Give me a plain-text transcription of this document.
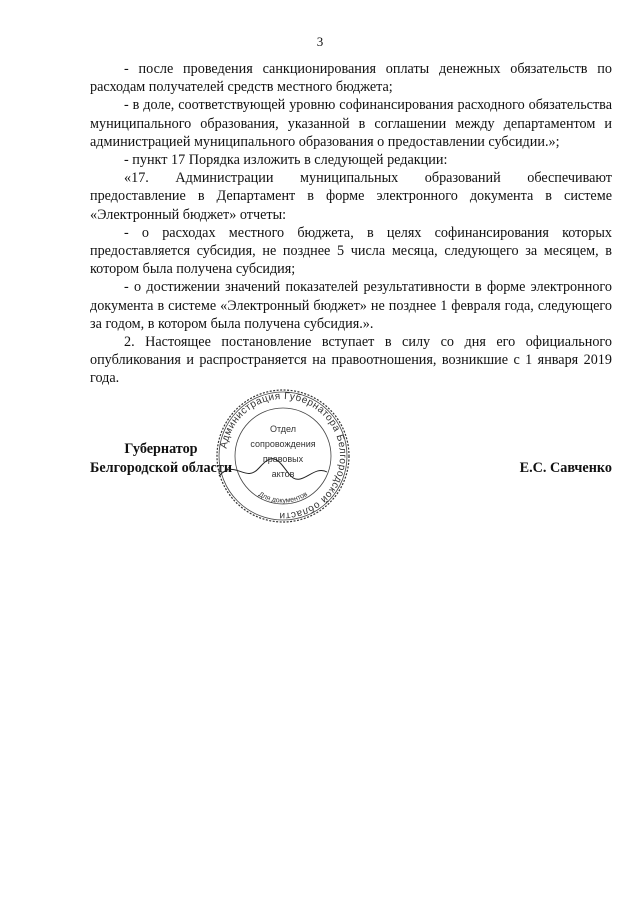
3

- после проведения санкционирования оплаты денежных обязательств по расходам получателей средств местного бюджета;

- в доле, соответствующей уровню софинансирования расходного обязательства муниципального образования, указанной в соглашении между департаментом и администрацией муниципального образования о предоставлении субсидии.»;

- пункт 17 Порядка изложить в следующей редакции:

«17. Администрации муниципальных образований обеспечивают предоставление в Департамент в форме электронного документа в системе «Электронный бюджет» отчеты:

- о расходах местного бюджета, в целях софинансирования которых предоставляется субсидия, не позднее 5 числа месяца, следующего за месяцем, в котором была получена субсидия;

- о достижении значений показателей результативности в форме электронного документа в системе «Электронный бюджет» не позднее 1 февраля года, следующего за годом, в котором была получена субсидия.».

2. Настоящее постановление вступает в силу со дня его официального опубликования и распространяется на правоотношения, возникшие с 1 января 2019 года.

Губернатор
Белгородской области	Е.С. Савченко
Администрация Губернатора Белгородской области
Для документов
Отдел
сопровождения
правовых
актов
